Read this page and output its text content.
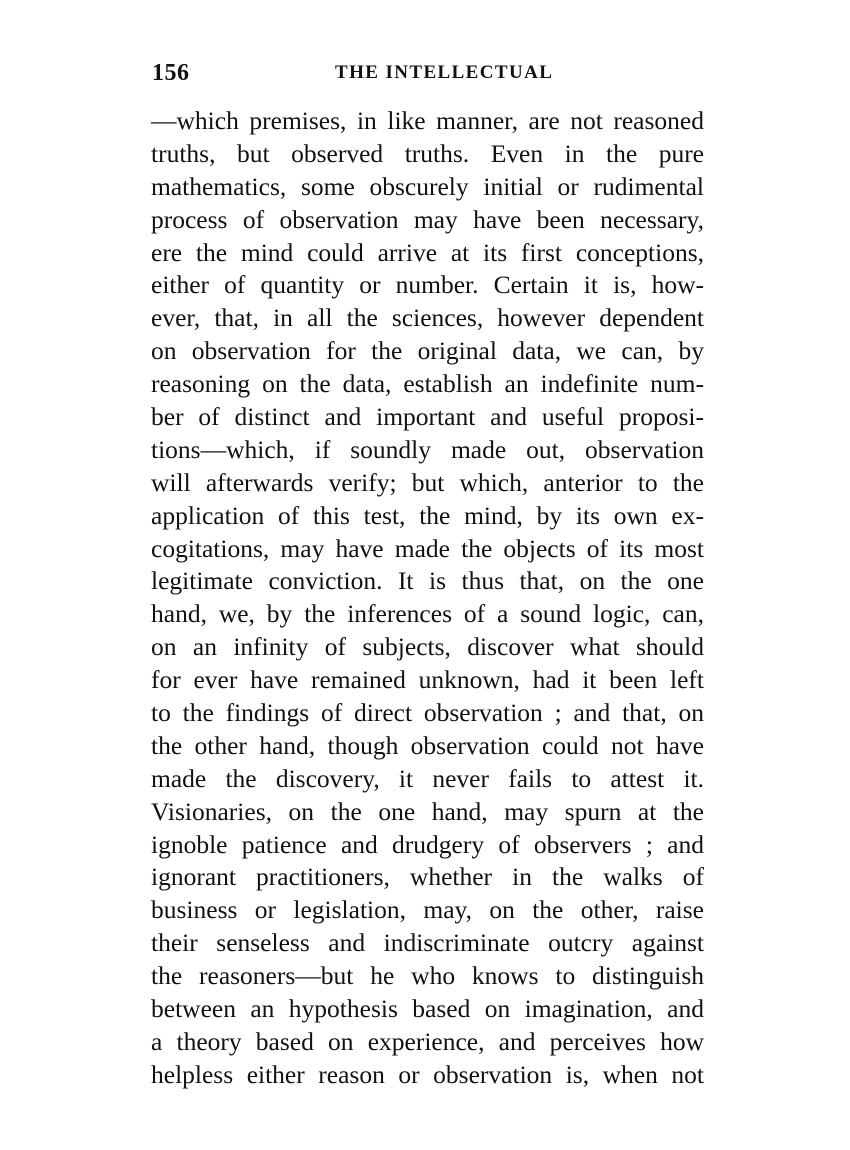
156	THE INTELLECTUAL
—which premises, in like manner, are not reasoned
truths, but observed truths. Even in the pure
mathematics, some obscurely initial or rudimental
process of observation may have been necessary,
ere the mind could arrive at its first conceptions,
either of quantity or number. Certain it is, how-
ever, that, in all the sciences, however dependent
on observation for the original data, we can, by
reasoning on the data, establish an indefinite num-
ber of distinct and important and useful proposi-
tions—which, if soundly made out, observation
will afterwards verify; but which, anterior to the
application of this test, the mind, by its own ex-
cogitations, may have made the objects of its most
legitimate conviction. It is thus that, on the one
hand, we, by the inferences of a sound logic, can,
on an infinity of subjects, discover what should
for ever have remained unknown, had it been left
to the findings of direct observation ; and that, on
the other hand, though observation could not have
made the discovery, it never fails to attest it.
Visionaries, on the one hand, may spurn at the
ignoble patience and drudgery of observers ; and
ignorant practitioners, whether in the walks of
business or legislation, may, on the other, raise
their senseless and indiscriminate outcry against
the reasoners—but he who knows to distinguish
between an hypothesis based on imagination, and
a theory based on experience, and perceives how
helpless either reason or observation is, when not
